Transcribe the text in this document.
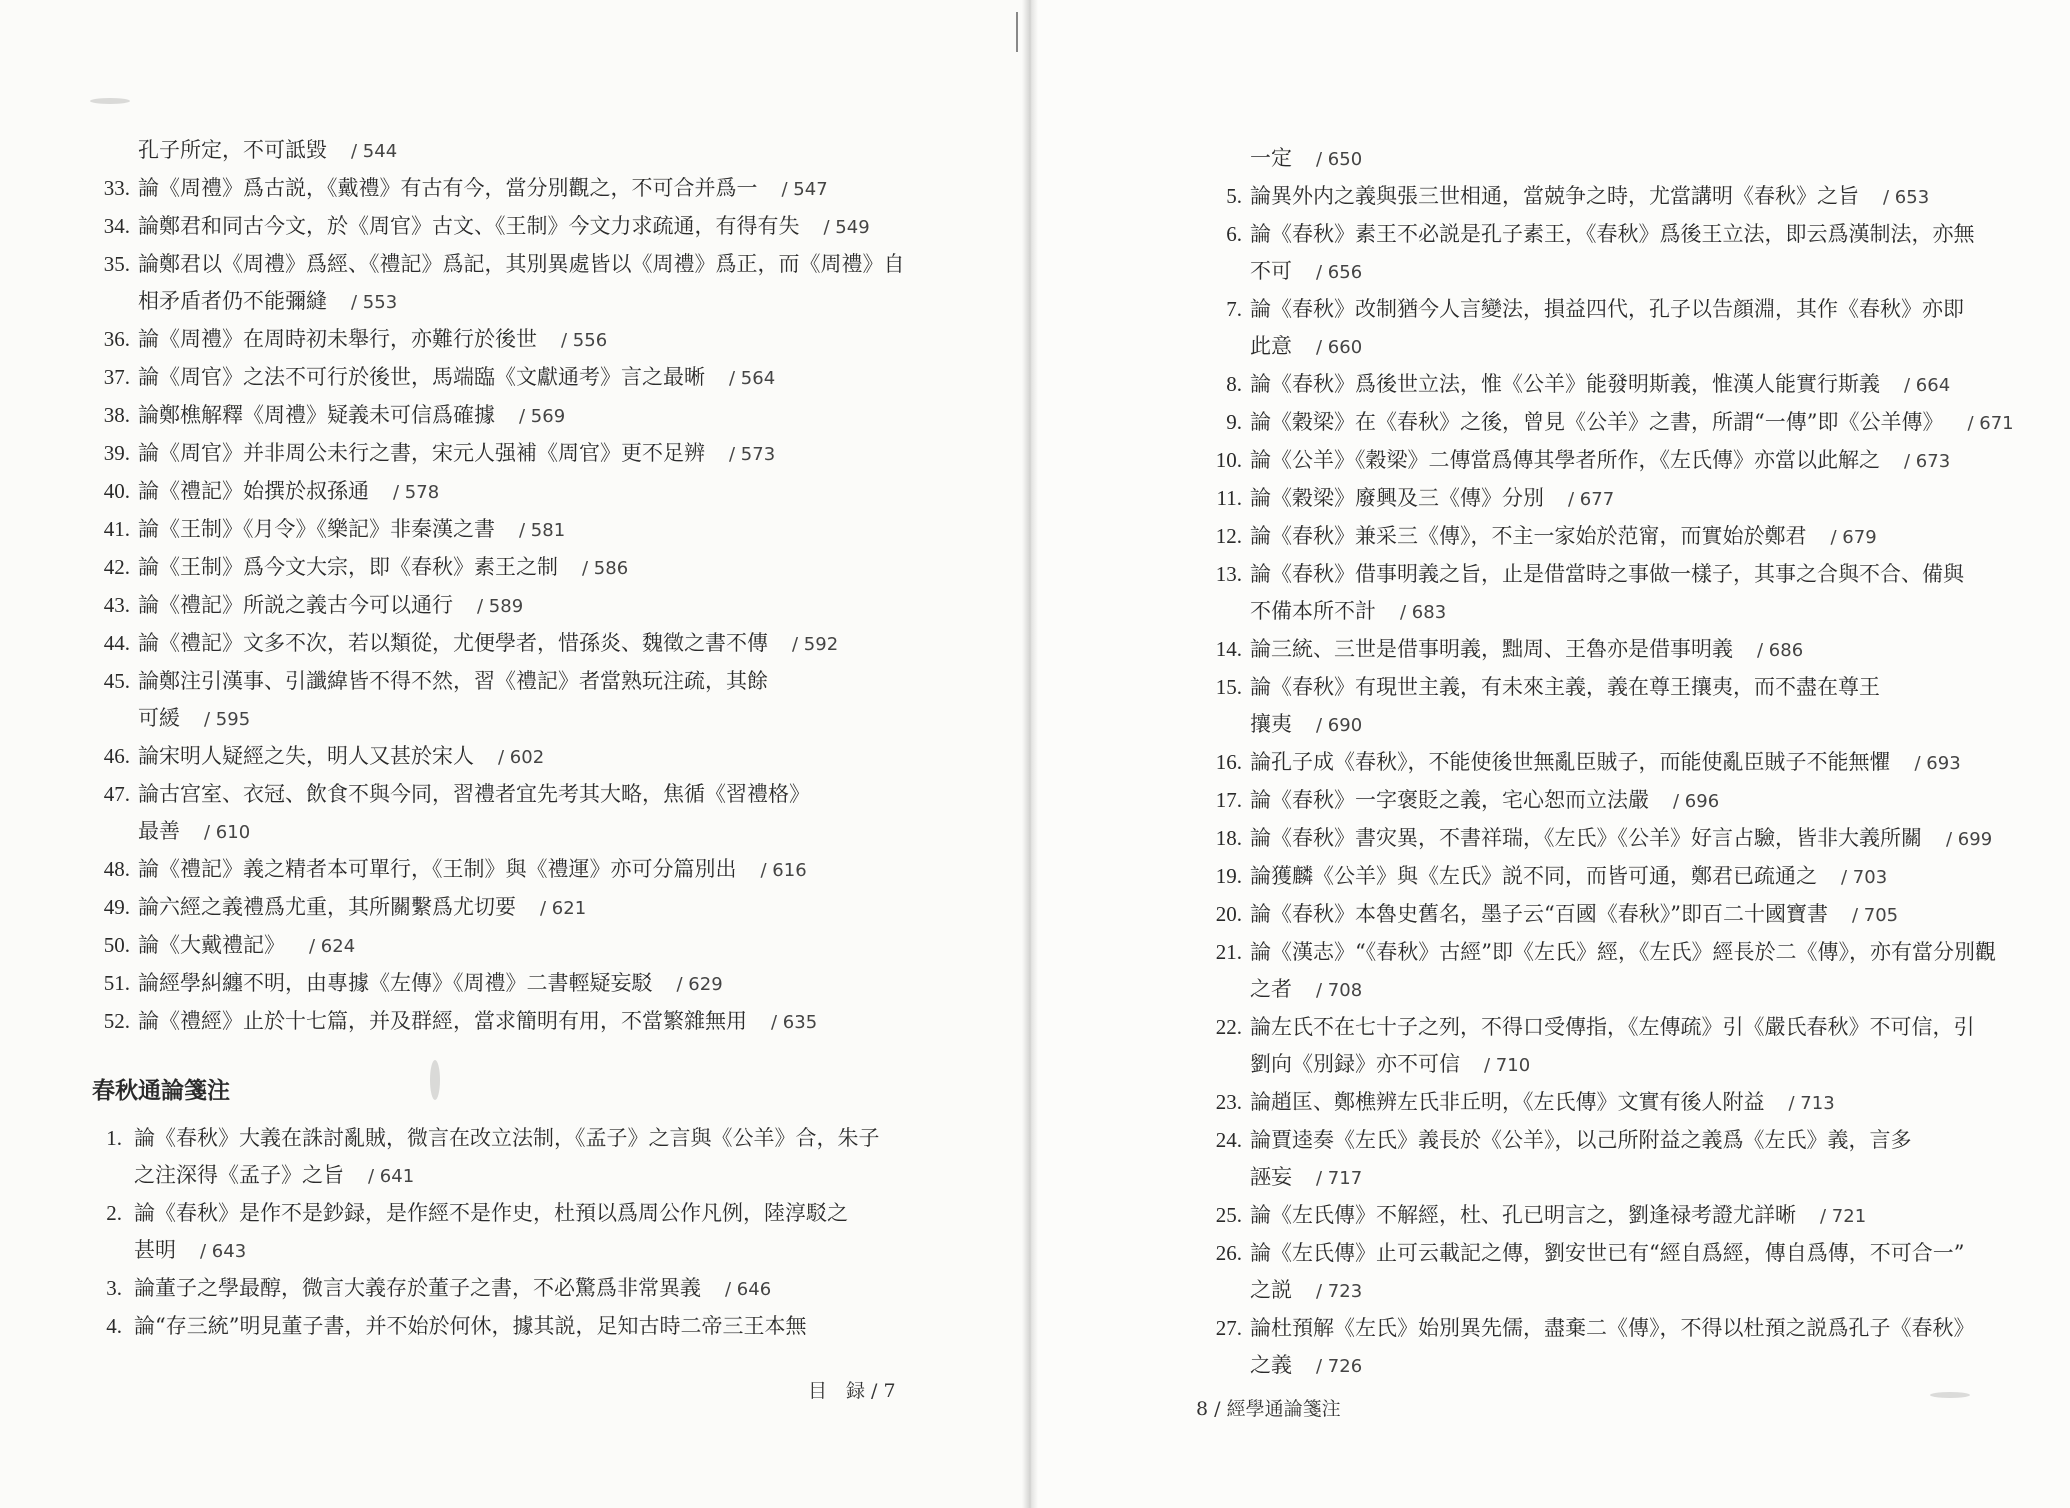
孔子所定，不可詆毀 / 544
33. 論《周禮》爲古説，《戴禮》有古有今，當分別觀之，不可合并爲一 / 547
34. 論鄭君和同古今文，於《周官》古文、《王制》今文力求疏通，有得有失 / 549
35. 論鄭君以《周禮》爲經、《禮記》爲記，其別異處皆以《周禮》爲正，而《周禮》自
相矛盾者仍不能彌縫 / 553
36. 論《周禮》在周時初未舉行，亦難行於後世 / 556
37. 論《周官》之法不可行於後世，馬端臨《文獻通考》言之最晰 / 564
38. 論鄭樵解釋《周禮》疑義未可信爲確據 / 569
39. 論《周官》并非周公未行之書，宋元人强補《周官》更不足辨 / 573
40. 論《禮記》始撰於叔孫通 / 578
41. 論《王制》《月令》《樂記》非秦漢之書 / 581
42. 論《王制》爲今文大宗，即《春秋》素王之制 / 586
43. 論《禮記》所説之義古今可以通行 / 589
44. 論《禮記》文多不次，若以類從，尤便學者，惜孫炎、魏徵之書不傳 / 592
45. 論鄭注引漢事、引讖緯皆不得不然，習《禮記》者當熟玩注疏，其餘
可緩 / 595
46. 論宋明人疑經之失，明人又甚於宋人 / 602
47. 論古宫室、衣冠、飲食不與今同，習禮者宜先考其大略，焦循《習禮格》
最善 / 610
48. 論《禮記》義之精者本可單行，《王制》與《禮運》亦可分篇別出 / 616
49. 論六經之義禮爲尤重，其所關繫爲尤切要 / 621
50. 論《大戴禮記》 / 624
51. 論經學糾纏不明，由專據《左傳》《周禮》二書輕疑妄駁 / 629
52. 論《禮經》止於十七篇，并及群經，當求簡明有用，不當繁雜無用 / 635
春秋通論箋注
1. 論《春秋》大義在誅討亂賊，微言在改立法制，《孟子》之言與《公羊》合，朱子
之注深得《孟子》之旨 / 641
2. 論《春秋》是作不是鈔録，是作經不是作史，杜預以爲周公作凡例，陸淳駁之
甚明 / 643
3. 論董子之學最醇，微言大義存於董子之書，不必驚爲非常異義 / 646
4. 論“存三統”明見董子書，并不始於何休，據其説，足知古時二帝三王本無
一定 / 650
5. 論異外内之義與張三世相通，當兢争之時，尤當講明《春秋》之旨 / 653
6. 論《春秋》素王不必説是孔子素王，《春秋》爲後王立法，即云爲漢制法，亦無
不可 / 656
7. 論《春秋》改制猶今人言變法，損益四代，孔子以告顔淵，其作《春秋》亦即
此意 / 660
8. 論《春秋》爲後世立法，惟《公羊》能發明斯義，惟漢人能實行斯義 / 664
9. 論《穀梁》在《春秋》之後，曾見《公羊》之書，所謂“一傳”即《公羊傳》 / 671
10. 論《公羊》《穀梁》二傳當爲傳其學者所作，《左氏傳》亦當以此解之 / 673
11. 論《穀梁》廢興及三《傳》分別 / 677
12. 論《春秋》兼采三《傳》，不主一家始於范甯，而實始於鄭君 / 679
13. 論《春秋》借事明義之旨，止是借當時之事做一樣子，其事之合與不合、備與
不備本所不計 / 683
14. 論三統、三世是借事明義，黜周、王魯亦是借事明義 / 686
15. 論《春秋》有現世主義，有未來主義，義在尊王攘夷，而不盡在尊王
攘夷 / 690
16. 論孔子成《春秋》，不能使後世無亂臣賊子，而能使亂臣賊子不能無懼 / 693
17. 論《春秋》一字褒貶之義，宅心恕而立法嚴 / 696
18. 論《春秋》書灾異，不書祥瑞，《左氏》《公羊》好言占驗，皆非大義所關 / 699
19. 論獲麟《公羊》與《左氏》説不同，而皆可通，鄭君已疏通之 / 703
20. 論《春秋》本魯史舊名，墨子云“百國《春秋》”即百二十國寶書 / 705
21. 論《漢志》“《春秋》古經”即《左氏》經，《左氏》經長於二《傳》，亦有當分別觀
之者 / 708
22. 論左氏不在七十子之列，不得口受傳指，《左傳疏》引《嚴氏春秋》不可信，引
劉向《別録》亦不可信 / 710
23. 論趙匡、鄭樵辨左氏非丘明，《左氏傳》文實有後人附益 / 713
24. 論賈逵奏《左氏》義長於《公羊》，以己所附益之義爲《左氏》義，言多
誣妄 / 717
25. 論《左氏傳》不解經，杜、孔已明言之，劉逢禄考證尤詳晰 / 721
26. 論《左氏傳》止可云載記之傳，劉安世已有“經自爲經，傳自爲傳，不可合一”
之説 / 723
27. 論杜預解《左氏》始別異先儒，盡棄二《傳》，不得以杜預之説爲孔子《春秋》
之義 / 726
目　録 / 7
8 / 經學通論箋注
